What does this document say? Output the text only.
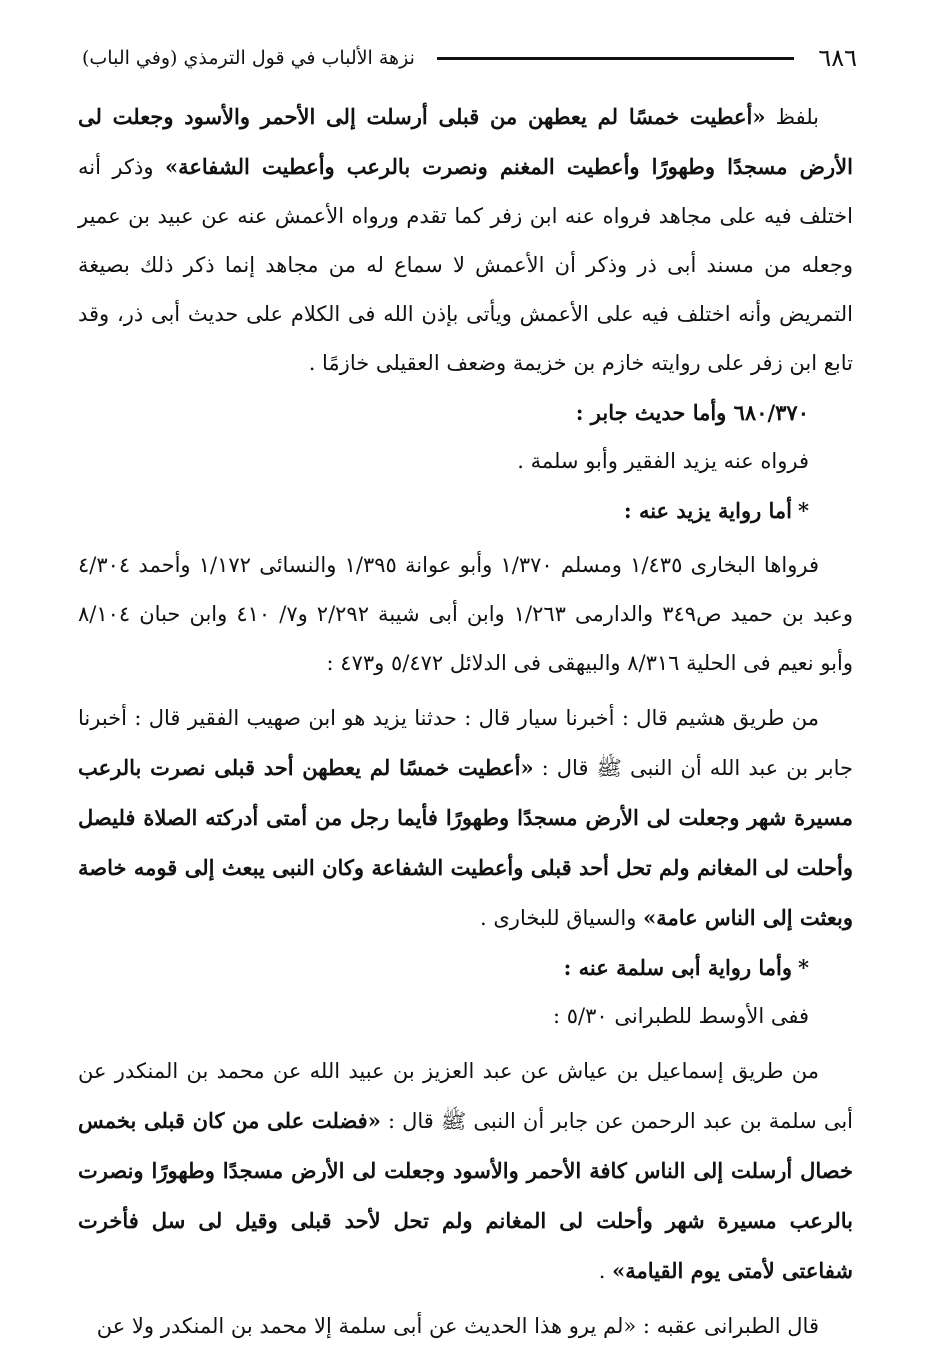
٦٨٦
نزهة الألباب في قول الترمذي (وفي الباب)

بلفظ «أعطيت خمسًا لم يعطهن من قبلى أرسلت إلى الأحمر والأسود وجعلت لى الأرض مسجدًا وطهورًا وأعطيت المغنم ونصرت بالرعب وأعطيت الشفاعة» وذكر أنه اختلف فيه على مجاهد فرواه عنه ابن زفر كما تقدم ورواه الأعمش عنه عن عبيد بن عمير وجعله من مسند أبى ذر وذكر أن الأعمش لا سماع له من مجاهد إنما ذكر ذلك بصيغة التمريض وأنه اختلف فيه على الأعمش ويأتى بإذن الله فى الكلام على حديث أبى ذر، وقد تابع ابن زفر على روايته خازم بن خزيمة وضعف العقيلى خازمًا .

٦٨٠/٣٧٠ وأما حديث جابر :

فرواه عنه يزيد الفقير وأبو سلمة .

*أما رواية يزيد عنه :

فرواها البخارى ١/٤٣٥ ومسلم ١/٣٧٠ وأبو عوانة ١/٣٩٥ والنسائى ١/١٧٢ وأحمد ٤/٣٠٤ وعبد بن حميد ص٣٤٩ والدارمى ١/٢٦٣ وابن أبى شيبة ٢/٢٩٢ و٧/ ٤١٠ وابن حبان ٨/١٠٤ وأبو نعيم فى الحلية ٨/٣١٦ والبيهقى فى الدلائل ٥/٤٧٢ و٤٧٣ :

من طريق هشيم قال : أخبرنا سيار قال : حدثنا يزيد هو ابن صهيب الفقير قال : أخبرنا جابر بن عبد الله أن النبى ﷺ قال : «أعطيت خمسًا لم يعطهن أحد قبلى نصرت بالرعب مسيرة شهر وجعلت لى الأرض مسجدًا وطهورًا فأيما رجل من أمتى أدركته الصلاة فليصل وأحلت لى المغانم ولم تحل أحد قبلى وأعطيت الشفاعة وكان النبى يبعث إلى قومه خاصة وبعثت إلى الناس عامة» والسياق للبخارى .

*وأما رواية أبى سلمة عنه :

ففى الأوسط للطبرانى ٥/٣٠ :

من طريق إسماعيل بن عياش عن عبد العزيز بن عبيد الله عن محمد بن المنكدر عن أبى سلمة بن عبد الرحمن عن جابر أن النبى ﷺ قال : «فضلت على من كان قبلى بخمس خصال أرسلت إلى الناس كافة الأحمر والأسود وجعلت لى الأرض مسجدًا وطهورًا ونصرت بالرعب مسيرة شهر وأحلت لى المغانم ولم تحل لأحد قبلى وقيل لى سل فأخرت شفاعتى لأمتى يوم القيامة» .

قال الطبرانى عقبه : «لم يرو هذا الحديث عن أبى سلمة إلا محمد بن المنكدر ولا عن
